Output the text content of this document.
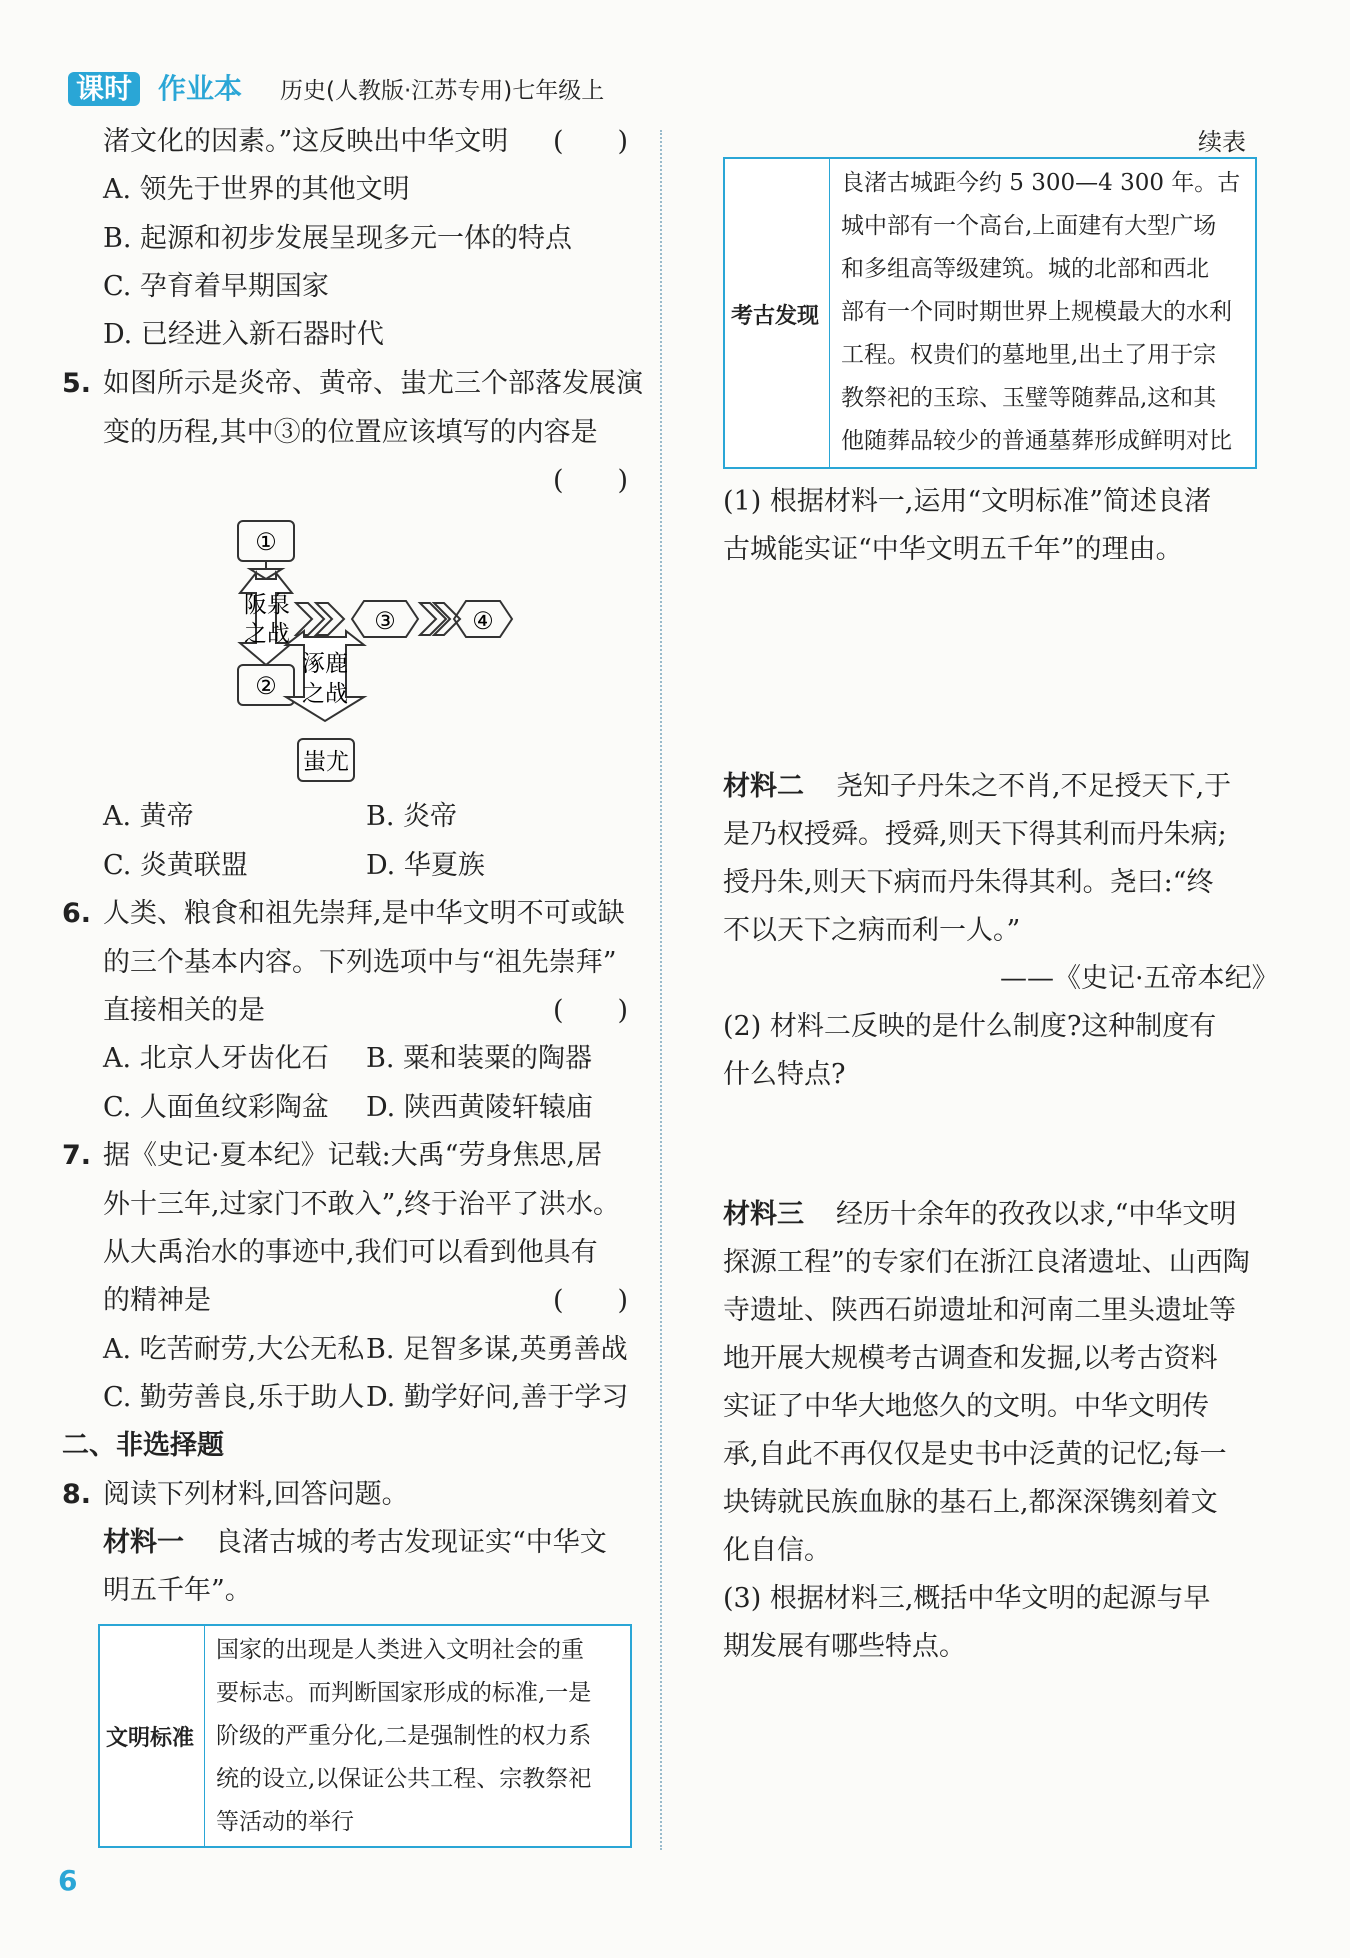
课时 作业本 历史(人教版·江苏专用)七年级上
渚文化的因素。”这反映出中华文明 (　　)
A. 领先于世界的其他文明
B. 起源和初步发展呈现多元一体的特点
C. 孕育着早期国家
D. 已经进入新石器时代
5. 如图所示是炎帝、黄帝、蚩尤三个部落发展演
变的历程,其中③的位置应该填写的内容是
(　　)
①
阪泉
之战
②
③	④
涿鹿
之战
蚩尤
A. 黄帝	B. 炎帝
C. 炎黄联盟	D. 华夏族
6. 人类、粮食和祖先崇拜,是中华文明不可或缺
的三个基本内容。下列选项中与“祖先崇拜”
直接相关的是	(　　)
A. 北京人牙齿化石 B. 粟和装粟的陶器
C. 人面鱼纹彩陶盆 D. 陕西黄陵轩辕庙
7. 据《史记·夏本纪》记载:大禹“劳身焦思,居
外十三年,过家门不敢入”,终于治平了洪水。
从大禹治水的事迹中,我们可以看到他具有
的精神是	(　　)
A. 吃苦耐劳,大公无私 B. 足智多谋,英勇善战
C. 勤劳善良,乐于助人 D. 勤学好问,善于学习
二、非选择题
8. 阅读下列材料,回答问题。
材料一 良渚古城的考古发现证实“中华文
明五千年”。
文明标准
国家的出现是人类进入文明社会的重
要标志。而判断国家形成的标准,一是
阶级的严重分化,二是强制性的权力系
统的设立,以保证公共工程、宗教祭祀
等活动的举行
续表
考古发现
良渚古城距今约 5 300—4 300 年。古
城中部有一个高台,上面建有大型广场
和多组高等级建筑。城的北部和西北
部有一个同时期世界上规模最大的水利
工程。权贵们的墓地里,出土了用于宗
教祭祀的玉琮、玉璧等随葬品,这和其
他随葬品较少的普通墓葬形成鲜明对比
(1) 根据材料一,运用“文明标准”简述良渚
古城能实证“中华文明五千年”的理由。
材料二 尧知子丹朱之不肖,不足授天下,于
是乃权授舜。授舜,则天下得其利而丹朱病;
授丹朱,则天下病而丹朱得其利。尧曰:“终
不以天下之病而利一人。”
——《史记·五帝本纪》
(2) 材料二反映的是什么制度?这种制度有
什么特点?
材料三 经历十余年的孜孜以求,“中华文明
探源工程”的专家们在浙江良渚遗址、山西陶
寺遗址、陕西石峁遗址和河南二里头遗址等
地开展大规模考古调查和发掘,以考古资料
实证了中华大地悠久的文明。中华文明传
承,自此不再仅仅是史书中泛黄的记忆;每一
块铸就民族血脉的基石上,都深深镌刻着文
化自信。
(3) 根据材料三,概括中华文明的起源与早
期发展有哪些特点。
6
